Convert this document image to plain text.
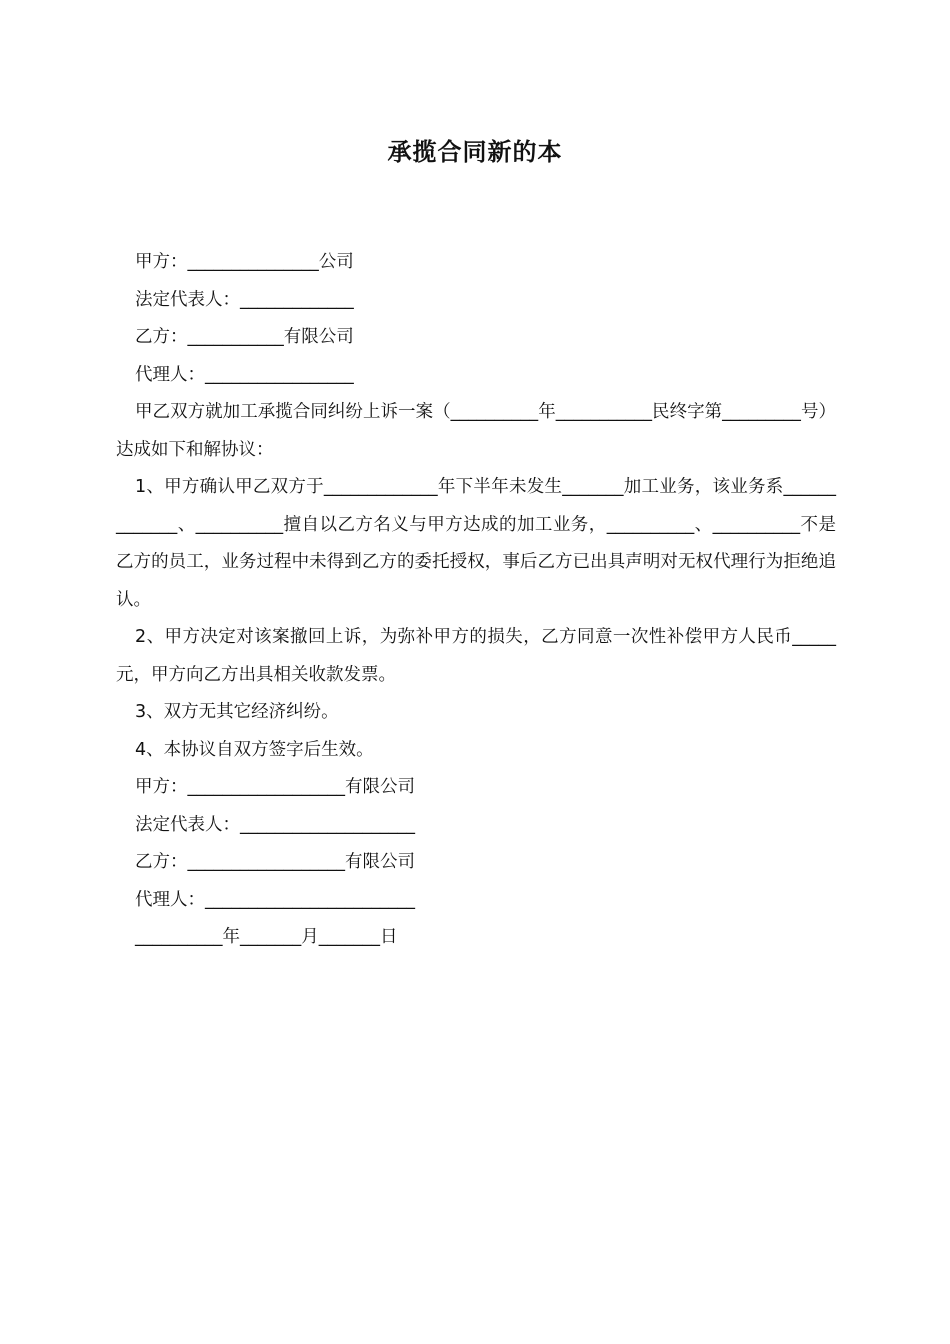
承揽合同新的本
甲方：_______________公司
法定代表人：_____________
乙方：___________有限公司
代理人：_________________
甲乙双方就加工承揽合同纠纷上诉一案（__________年___________民终字第_________号）达成如下和解协议：
1、甲方确认甲乙双方于_____________年下半年未发生_______加工业务，该业务系_____________、__________擅自以乙方名义与甲方达成的加工业务，__________、__________不是乙方的员工，业务过程中未得到乙方的委托授权，事后乙方已出具声明对无权代理行为拒绝追认。
2、甲方决定对该案撤回上诉，为弥补甲方的损失，乙方同意一次性补偿甲方人民币_____元，甲方向乙方出具相关收款发票。
3、双方无其它经济纠纷。
4、本协议自双方签字后生效。
甲方：__________________有限公司
法定代表人：____________________
乙方：__________________有限公司
代理人：________________________
__________年_______月_______日
